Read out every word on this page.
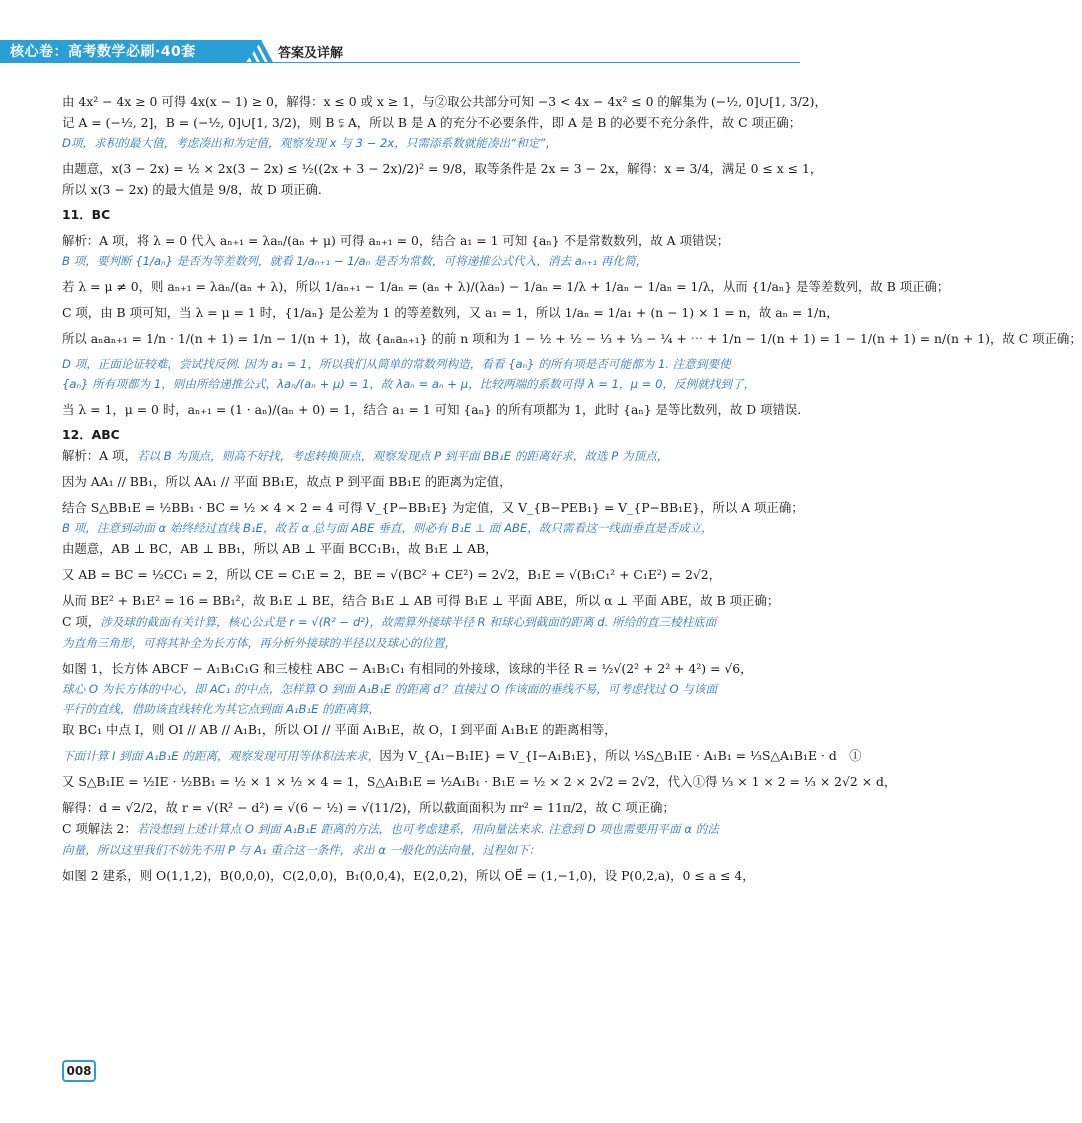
核心卷：高考数学必刷·40套	答案及详解

由 4x² − 4x ≥ 0 可得 4x(x − 1) ≥ 0，解得：x ≤ 0 或 x ≥ 1，与②取公共部分可知 −3 < 4x − 4x² ≤ 0 的解集为 (−½, 0]∪[1, 3/2)，

记 A = (−½, 2]，B = (−½, 0]∪[1, 3/2)，则 B ⫋ A，所以 B 是 A 的充分不必要条件，即 A 是 B 的必要不充分条件，故 C 项正确；

D项，求积的最大值，考虑凑出和为定值，观察发现 x 与 3 − 2x，只需添系数就能凑出“和定”，

由题意，x(3 − 2x) = ½ × 2x(3 − 2x) ≤ ½((2x + 3 − 2x)/2)² = 9/8，取等条件是 2x = 3 − 2x，解得：x = 3/4，满足 0 ≤ x ≤ 1，

所以 x(3 − 2x) 的最大值是 9/8，故 D 项正确.

11．BC

解析：A 项，将 λ = 0 代入 aₙ₊₁ = λaₙ/(aₙ + μ) 可得 aₙ₊₁ = 0，结合 a₁ = 1 可知 {aₙ} 不是常数数列，故 A 项错误；

B 项，要判断 {1/aₙ} 是否为等差数列，就看 1/aₙ₊₁ − 1/aₙ 是否为常数，可将递推公式代入，消去 aₙ₊₁ 再化简，

若 λ = μ ≠ 0，则 aₙ₊₁ = λaₙ/(aₙ + λ)，所以 1/aₙ₊₁ − 1/aₙ = (aₙ + λ)/(λaₙ) − 1/aₙ = 1/λ + 1/aₙ − 1/aₙ = 1/λ，从而 {1/aₙ} 是等差数列，故 B 项正确；

C 项，由 B 项可知，当 λ = μ = 1 时，{1/aₙ} 是公差为 1 的等差数列，又 a₁ = 1，所以 1/aₙ = 1/a₁ + (n − 1) × 1 = n，故 aₙ = 1/n，

所以 aₙaₙ₊₁ = 1/n · 1/(n + 1) = 1/n − 1/(n + 1)，故 {aₙaₙ₊₁} 的前 n 项和为 1 − ½ + ½ − ⅓ + ⅓ − ¼ + ⋯ + 1/n − 1/(n + 1) = 1 − 1/(n + 1) = n/(n + 1)，故 C 项正确；

D 项，正面论证较难，尝试找反例. 因为 a₁ = 1，所以我们从简单的常数列构造，看看 {aₙ} 的所有项是否可能都为 1. 注意到要使

{aₙ} 所有项都为 1，则由所给递推公式，λaₙ/(aₙ + μ) = 1，故 λaₙ = aₙ + μ，比较两端的系数可得 λ = 1，μ = 0，反例就找到了，

当 λ = 1，μ = 0 时，aₙ₊₁ = (1 · aₙ)/(aₙ + 0) = 1，结合 a₁ = 1 可知 {aₙ} 的所有项都为 1，此时 {aₙ} 是等比数列，故 D 项错误.

12．ABC

解析：A 项，若以 B 为顶点，则高不好找，考虑转换顶点，观察发现点 P 到平面 BB₁E 的距离好求，故选 P 为顶点，

因为 AA₁ // BB₁，所以 AA₁ // 平面 BB₁E，故点 P 到平面 BB₁E 的距离为定值，

结合 S△BB₁E = ½BB₁ · BC = ½ × 4 × 2 = 4 可得 V_{P−BB₁E} 为定值，又 V_{B−PEB₁} = V_{P−BB₁E}，所以 A 项正确；

B 项，注意到动面 α 始终经过直线 B₁E，故若 α 总与面 ABE 垂直，则必有 B₁E ⊥ 面 ABE，故只需看这一线面垂直是否成立，

由题意，AB ⊥ BC，AB ⊥ BB₁，所以 AB ⊥ 平面 BCC₁B₁，故 B₁E ⊥ AB，

又 AB = BC = ½CC₁ = 2，所以 CE = C₁E = 2，BE = √(BC² + CE²) = 2√2，B₁E = √(B₁C₁² + C₁E²) = 2√2，

从而 BE² + B₁E² = 16 = BB₁²，故 B₁E ⊥ BE，结合 B₁E ⊥ AB 可得 B₁E ⊥ 平面 ABE，所以 α ⊥ 平面 ABE，故 B 项正确；

C 项，涉及球的截面有关计算，核心公式是 r = √(R² − d²)，故需算外接球半径 R 和球心到截面的距离 d. 所给的直三棱柱底面

为直角三角形，可将其补全为长方体，再分析外接球的半径以及球心的位置，

如图 1，长方体 ABCF − A₁B₁C₁G 和三棱柱 ABC − A₁B₁C₁ 有相同的外接球，该球的半径 R = ½√(2² + 2² + 4²) = √6，

球心 O 为长方体的中心，即 AC₁ 的中点，怎样算 O 到面 A₁B₁E 的距离 d？直接过 O 作该面的垂线不易，可考虑找过 O 与该面

平行的直线，借助该直线转化为其它点到面 A₁B₁E 的距离算，

取 BC₁ 中点 I，则 OI // AB // A₁B₁，所以 OI // 平面 A₁B₁E，故 O，I 到平面 A₁B₁E 的距离相等，

下面计算 I 到面 A₁B₁E 的距离，观察发现可用等体积法来求，因为 V_{A₁−B₁IE} = V_{I−A₁B₁E}，所以 ⅓S△B₁IE · A₁B₁ = ⅓S△A₁B₁E · d　①

又 S△B₁IE = ½IE · ½BB₁ = ½ × 1 × ½ × 4 = 1，S△A₁B₁E = ½A₁B₁ · B₁E = ½ × 2 × 2√2 = 2√2，代入①得 ⅓ × 1 × 2 = ⅓ × 2√2 × d，

解得：d = √2/2，故 r = √(R² − d²) = √(6 − ½) = √(11/2)，所以截面面积为 πr² = 11π/2，故 C 项正确；

C 项解法 2：若没想到上述计算点 O 到面 A₁B₁E 距离的方法，也可考虑建系，用向量法来求. 注意到 D 项也需要用平面 α 的法

向量，所以这里我们不妨先不用 P 与 A₁ 重合这一条件，求出 α 一般化的法向量，过程如下：

如图 2 建系，则 O(1,1,2)，B(0,0,0)，C(2,0,0)，B₁(0,0,4)，E(2,0,2)，所以 OE⃗ = (1,−1,0)，设 P(0,2,a)，0 ≤ a ≤ 4，

008
